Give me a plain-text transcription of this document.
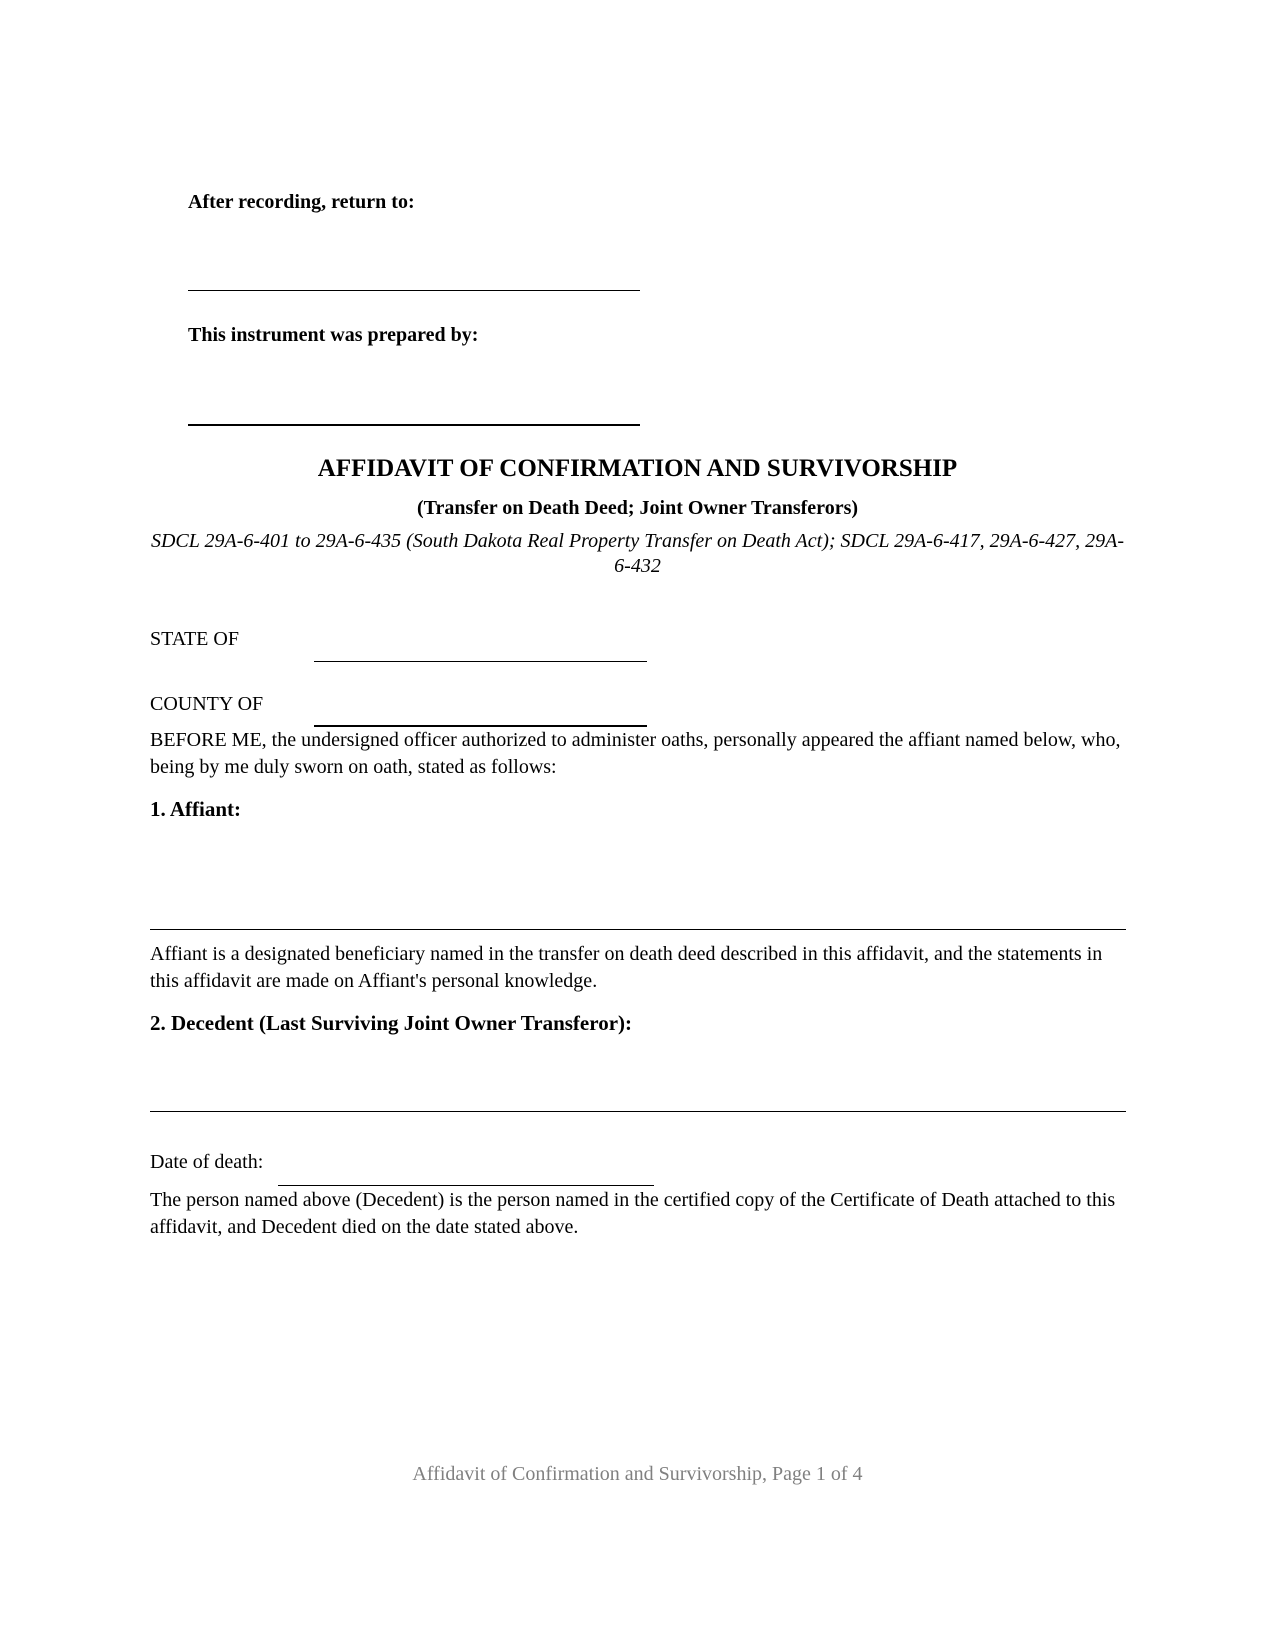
After recording, return to:
This instrument was prepared by:
AFFIDAVIT OF CONFIRMATION AND SURVIVORSHIP
(Transfer on Death Deed; Joint Owner Transferors)
SDCL 29A-6-401 to 29A-6-435 (South Dakota Real Property Transfer on Death Act); SDCL 29A-6-417, 29A-6-427, 29A-6-432
STATE OF
COUNTY OF
BEFORE ME, the undersigned officer authorized to administer oaths, personally appeared the affiant named below, who, being by me duly sworn on oath, stated as follows:
1. Affiant:
Affiant is a designated beneficiary named in the transfer on death deed described in this affidavit, and the statements in this affidavit are made on Affiant's personal knowledge.
2. Decedent (Last Surviving Joint Owner Transferor):
Date of death:
The person named above (Decedent) is the person named in the certified copy of the Certificate of Death attached to this affidavit, and Decedent died on the date stated above.
Affidavit of Confirmation and Survivorship, Page 1 of 4
